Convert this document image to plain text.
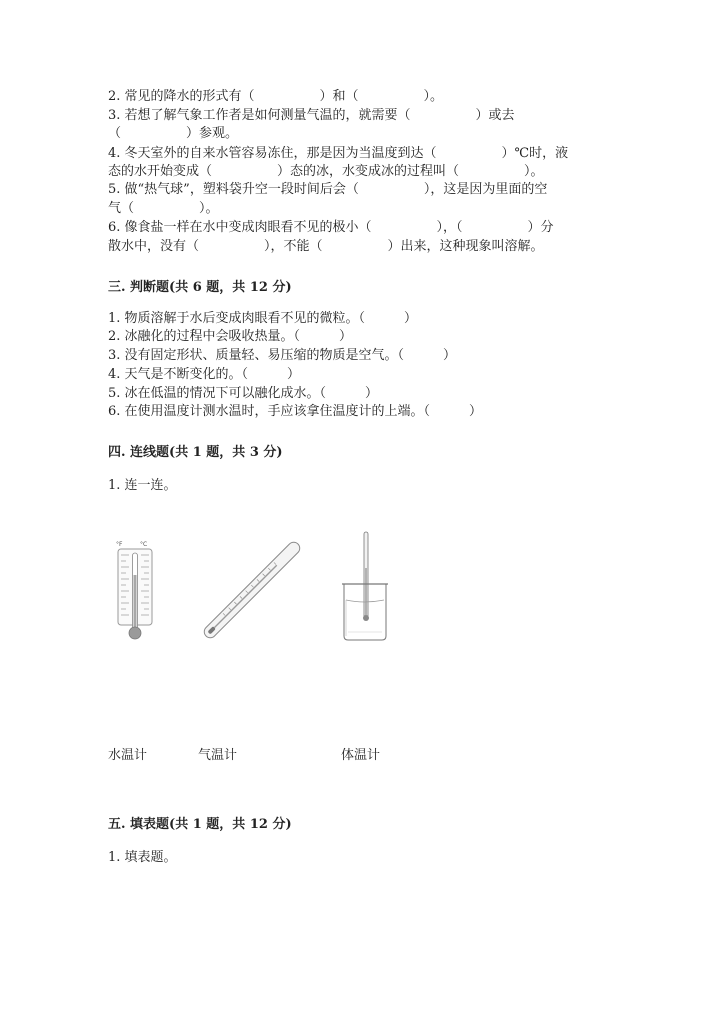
2. 常见的降水的形式有（　　　　　）和（　　　　　）。
3. 若想了解气象工作者是如何测量气温的，就需要（　　　　　）或去
（　　　　　）参观。
4. 冬天室外的自来水管容易冻住，那是因为当温度到达（　　　　　）℃时，液
态的水开始变成（　　　　　）态的冰，水变成冰的过程叫（　　　　　）。
5. 做“热气球”，塑料袋升空一段时间后会（　　　　　），这是因为里面的空
气（　　　　　）。
6. 像食盐一样在水中变成肉眼看不见的极小（　　　　　），（　　　　　）分
散水中，没有（　　　　　），不能（　　　　　）出来，这种现象叫溶解。
三. 判断题(共 6 题，共 12 分)
1. 物质溶解于水后变成肉眼看不见的微粒。（　　　）
2. 冰融化的过程中会吸收热量。（　　　）
3. 没有固定形状、质量轻、易压缩的物质是空气。（　　　）
4. 天气是不断变化的。（　　　）
5. 冰在低温的情况下可以融化成水。（　　　）
6. 在使用温度计测水温时，手应该拿住温度计的上端。（　　　）
四. 连线题(共 1 题，共 3 分)
1. 连一连。
°F	°C
水温计	气温计	体温计
五. 填表题(共 1 题，共 12 分)
1. 填表题。
